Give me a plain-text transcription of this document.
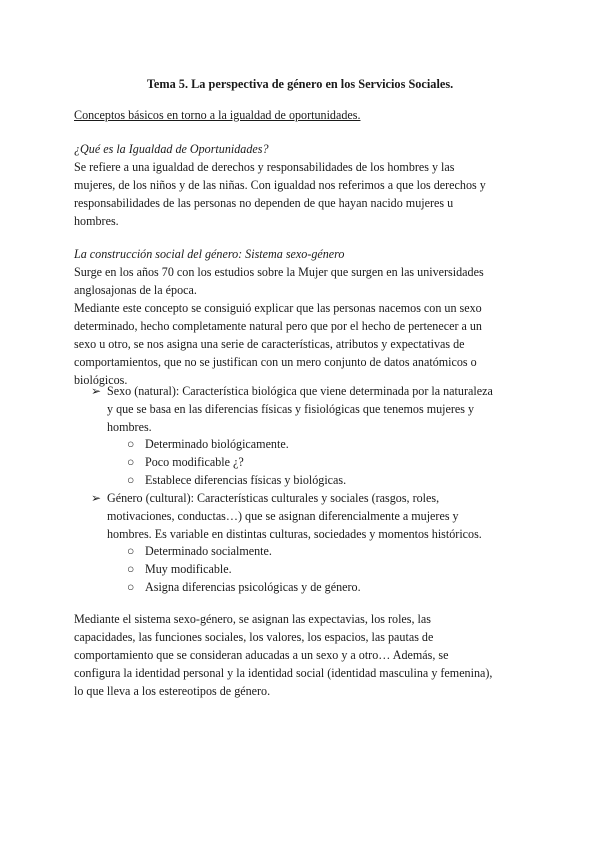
Tema 5. La perspectiva de género en los Servicios Sociales.
Conceptos básicos en torno a la igualdad de oportunidades.
¿Qué es la Igualdad de Oportunidades?
Se refiere a una igualdad de derechos y responsabilidades de los hombres y las
mujeres, de los niños y de las niñas. Con igualdad nos referimos a que los derechos y
responsabilidades de las personas no dependen de que hayan nacido mujeres u
hombres.
La construcción social del género: Sistema sexo-género
Surge en los años 70 con los estudios sobre la Mujer que surgen en las universidades
anglosajonas de la época.
Mediante este concepto se consiguió explicar que las personas nacemos con un sexo
determinado, hecho completamente natural pero que por el hecho de pertenecer a un
sexo u otro, se nos asigna una serie de características, atributos y expectativas de
comportamientos, que no se justifican con un mero conjunto de datos anatómicos o
biológicos.
➢ Sexo (natural): Característica biológica que viene determinada por la naturaleza
y que se basa en las diferencias físicas y fisiológicas que tenemos mujeres y
hombres.
○ Determinado biológicamente.
○ Poco modificable ¿?
○ Establece diferencias físicas y biológicas.
➢ Género (cultural): Características culturales y sociales (rasgos, roles,
motivaciones, conductas…) que se asignan diferencialmente a mujeres y
hombres. Es variable en distintas culturas, sociedades y momentos históricos.
○ Determinado socialmente.
○ Muy modificable.
○ Asigna diferencias psicológicas y de género.
Mediante el sistema sexo-género, se asignan las expectavias, los roles, las
capacidades, las funciones sociales, los valores, los espacios, las pautas de
comportamiento que se consideran aducadas a un sexo y a otro… Además, se
configura la identidad personal y la identidad social (identidad masculina y femenina),
lo que lleva a los estereotipos de género.
